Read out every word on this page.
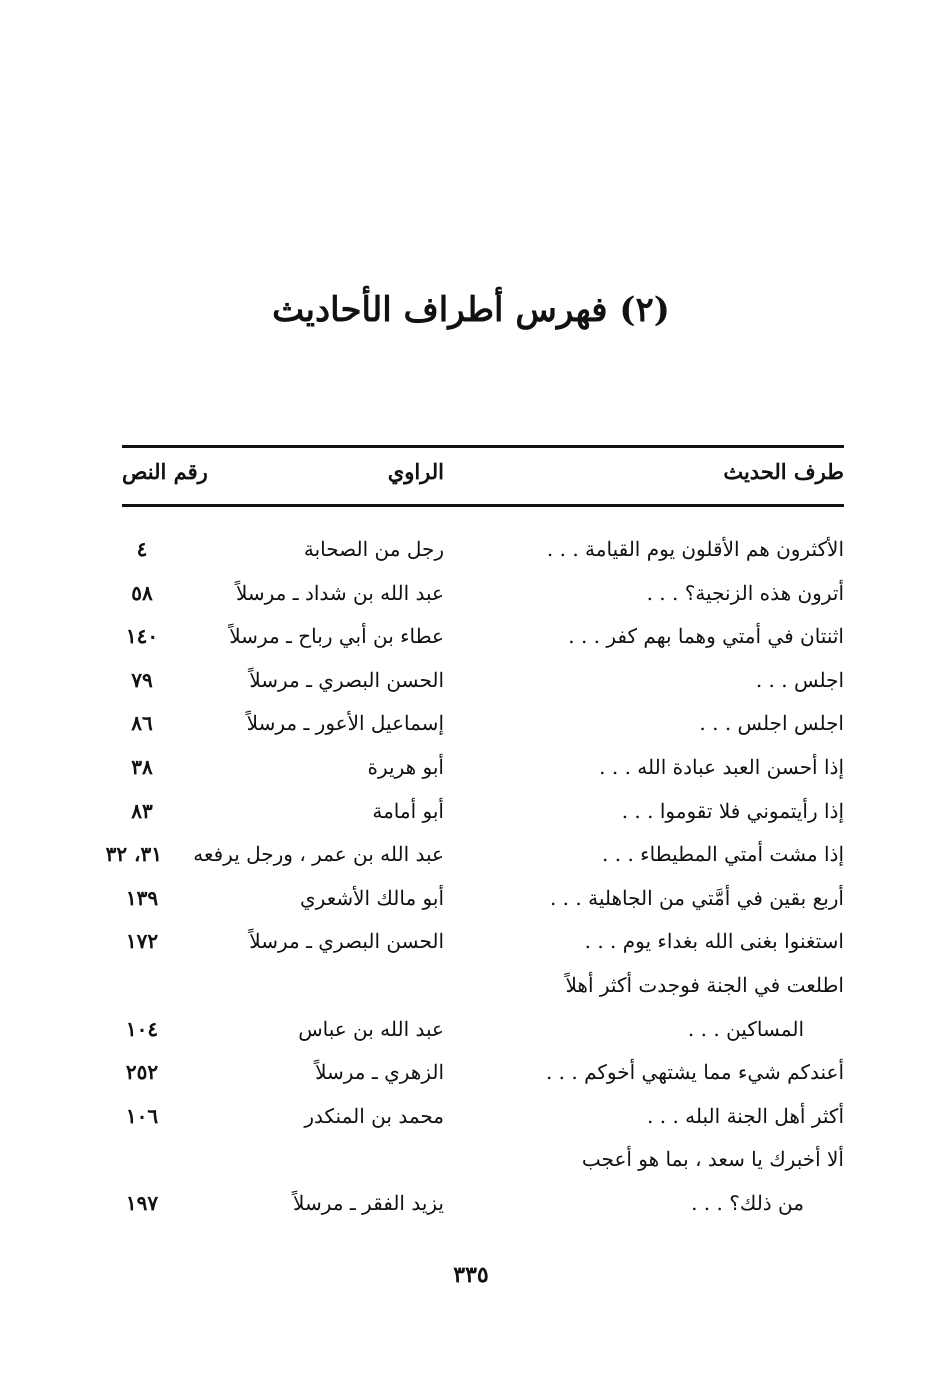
(٢) فهرس أطراف الأحاديث
طرف الحديث
الراوي
رقم النص
الأكثرون هم الأقلون يوم القيامة . . .
رجل من الصحابة
٤
أترون هذه الزنجية؟ . . .
عبد الله بن شداد ـ مرسلاً
٥٨
اثنتان في أمتي وهما بهم كفر . . .
عطاء بن أبي رباح ـ مرسلاً
١٤٠
اجلس . . .
الحسن البصري ـ مرسلاً
٧٩
اجلس اجلس . . .
إسماعيل الأعور ـ مرسلاً
٨٦
إذا أحسن العبد عبادة الله . . .
أبو هريرة
٣٨
إذا رأيتموني فلا تقوموا . . .
أبو أمامة
٨٣
إذا مشت أمتي المطيطاء . . .
عبد الله بن عمر ، ورجل يرفعه
٣١، ٣٢
أربع بقين في أمَّتي من الجاهلية . . .
أبو مالك الأشعري
١٣٩
استغنوا بغنى الله بغداء يوم . . .
الحسن البصري ـ مرسلاً
١٧٢
اطلعت في الجنة فوجدت أكثر أهلاً
المساكين . . .
عبد الله بن عباس
١٠٤
أعندكم شيء مما يشتهي أخوكم . . .
الزهري ـ مرسلاً
٢٥٢
أكثر أهل الجنة البله . . .
محمد بن المنكدر
١٠٦
ألا أخبرك يا سعد ، بما هو أعجب
من ذلك؟ . . .
يزيد الفقر ـ مرسلاً
١٩٧
٣٣٥
